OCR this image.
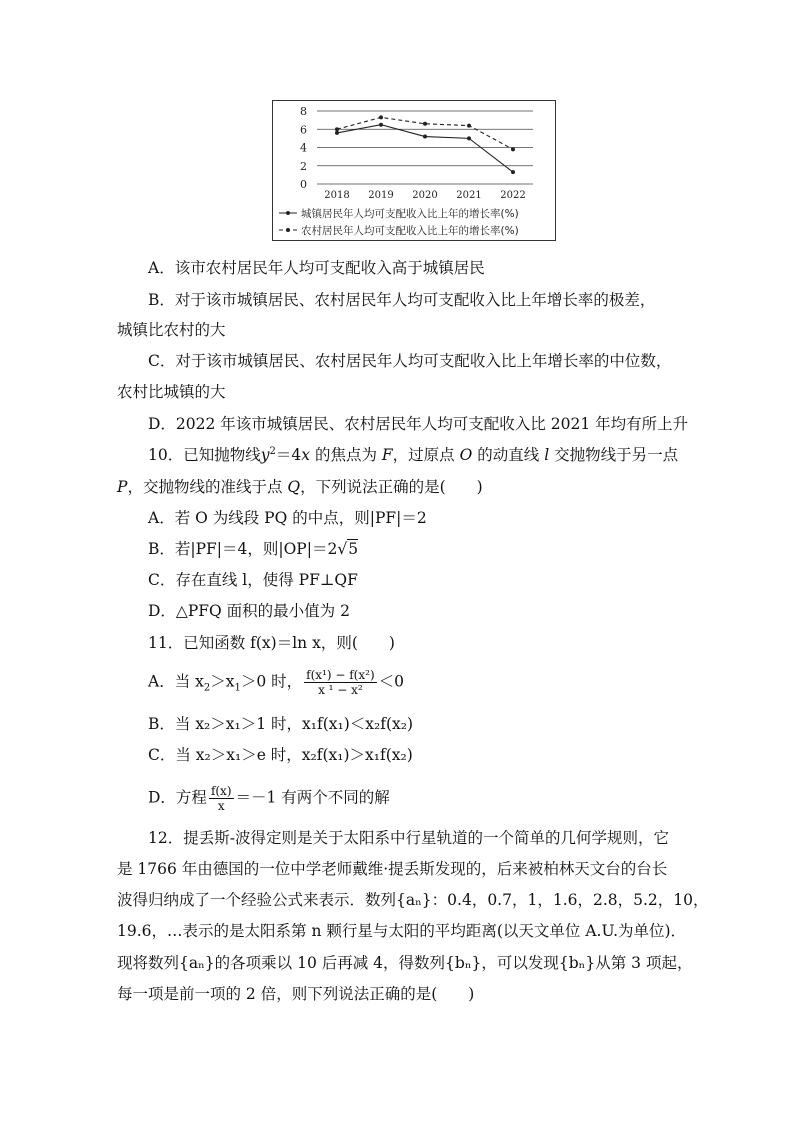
0
2
4
6
8
2018 2019 2020 2021 2022
城镇居民年人均可支配收入比上年的增长率(%)
农村居民年人均可支配收入比上年的增长率(%)
A．该市农村居民年人均可支配收入高于城镇居民
B．对于该市城镇居民、农村居民年人均可支配收入比上年增长率的极差，
城镇比农村的大
C．对于该市城镇居民、农村居民年人均可支配收入比上年增长率的中位数，
农村比城镇的大
D．2022 年该市城镇居民、农村居民年人均可支配收入比 2021 年均有所上升
10．已知抛物线$y^2=4x$ 的焦点为 F，过原点 O 的动直线 l 交抛物线于另一点
P，交抛物线的准线于点 Q，下列说法正确的是(　　)
A．若 O 为线段 PQ 的中点，则|PF|＝2
B．若|PF|＝4，则|OP|＝2√5
C．存在直线 l，使得 PF⊥QF
D．△PFQ 面积的最小值为 2
11．已知函数 f(x)＝ln x，则(　　)
A．当 $x_2>x_1>0$ 时， $\frac{\text{f(x¹) − f(x²)}}{\text{x ¹ − x²}} <0$
B．当 x₂＞x₁＞1 时，x₁f(x₁)＜x₂f(x₂)
C．当 x₂＞x₁＞e 时，x₂f(x₁)＞x₁f(x₂)
D．方程 $\frac{f(x)}{x} =-1$ 有两个不同的解
12．提丢斯-波得定则是关于太阳系中行星轨道的一个简单的几何学规则，它
是 1766 年由德国的一位中学老师戴维·提丢斯发现的，后来被柏林天文台的台长
波得归纳成了一个经验公式来表示．数列{aₙ}：0.4，0.7，1，1.6，2.8，5.2，10，
19.6，…表示的是太阳系第 n 颗行星与太阳的平均距离(以天文单位 A.U.为单位)．
现将数列{aₙ}的各项乘以 10 后再减 4，得数列{bₙ}，可以发现{bₙ}从第 3 项起，
每一项是前一项的 2 倍，则下列说法正确的是(　　)
